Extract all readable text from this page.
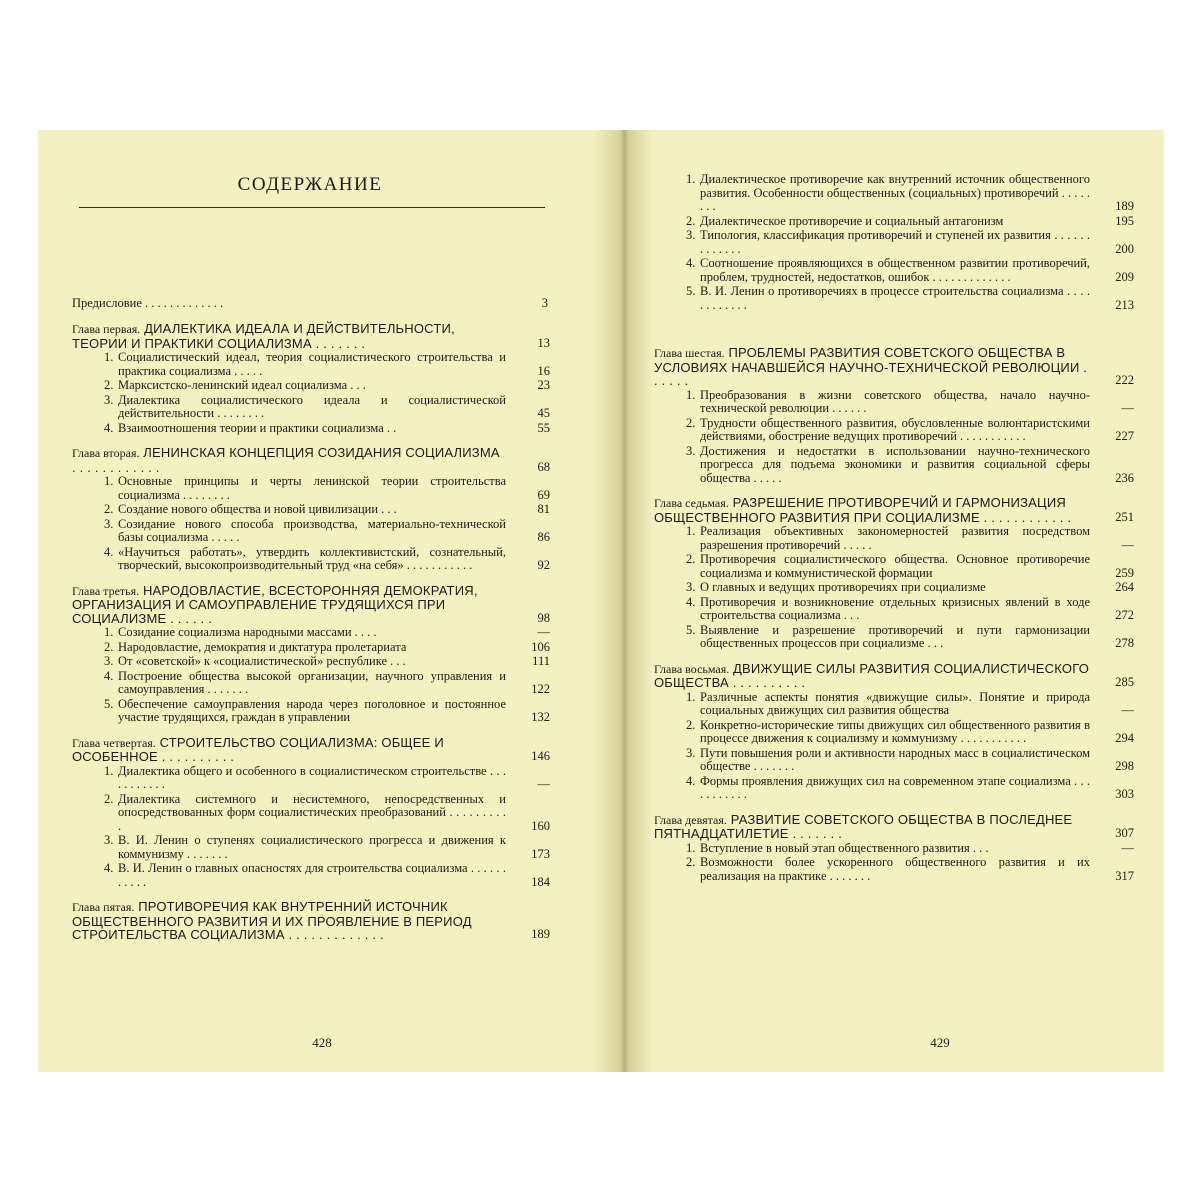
СОДЕРЖАНИЕ
Предисловие . . . . . . . . . . . . .	3
Глава первая. ДИАЛЕКТИКА ИДЕАЛА И ДЕЙСТВИТЕЛЬНОСТИ, ТЕОРИИ И ПРАКТИКИ СОЦИАЛИЗМА . . . . . . .	13
1. Социалистический идеал, теория социалистического строительства и практика социализма . . . . .	16
2. Марксистско-ленинский идеал социализма . . .	23
3. Диалектика социалистического идеала и социалистической действительности . . . . . . . .	45
4. Взаимоотношения теории и практики социализма . .	55
Глава вторая. ЛЕНИНСКАЯ КОНЦЕПЦИЯ СОЗИДАНИЯ СОЦИАЛИЗМА . . . . . . . . . . . .	68
1. Основные принципы и черты ленинской теории строительства социализма . . . . . . . .	69
2. Создание нового общества и новой цивилизации . . .	81
3. Созидание нового способа производства, материально-технической базы социализма . . . . .	86
4. «Научиться работать», утвердить коллективистский, сознательный, творческий, высокопроизводительный труд «на себя» . . . . . . . . . . .	92
Глава третья. НАРОДОВЛАСТИЕ, ВСЕСТОРОННЯЯ ДЕМОКРАТИЯ, ОРГАНИЗАЦИЯ И САМОУПРАВЛЕНИЕ ТРУДЯЩИХСЯ ПРИ СОЦИАЛИЗМЕ . . . . . .	98
1. Созидание социализма народными массами . . . .	—
2. Народовластие, демократия и диктатура пролетариата	106
3. От «советской» к «социалистической» республике . . .	111
4. Построение общества высокой организации, научного управления и самоуправления . . . . . . .	122
5. Обеспечение самоуправления народа через поголовное и постоянное участие трудящихся, граждан в управлении	132
Глава четвертая. СТРОИТЕЛЬСТВО СОЦИАЛИЗМА: ОБЩЕЕ И ОСОБЕННОЕ . . . . . . . . . .	146
1. Диалектика общего и особенного в социалистическом строительстве . . . . . . . . . . .	—
2. Диалектика системного и несистемного, непосредственных и опосредствованных форм социалистических преобразований . . . . . . . . . .	160
3. В. И. Ленин о ступенях социалистического прогресса и движения к коммунизму . . . . . . .	173
4. В. И. Ленин о главных опасностях для строительства социализма . . . . . . . . . . .	184
Глава пятая. ПРОТИВОРЕЧИЯ КАК ВНУТРЕННИЙ ИСТОЧНИК ОБЩЕСТВЕННОГО РАЗВИТИЯ И ИХ ПРОЯВЛЕНИЕ В ПЕРИОД СТРОИТЕЛЬСТВА СОЦИАЛИЗМА . . . . . . . . . . . . .	189
428
1. Диалектическое противоречие как внутренний источник общественного развития. Особенности общественных (социальных) противоречий . . . . . . . .	189
2. Диалектическое противоречие и социальный антагонизм	195
3. Типология, классификация противоречий и ступеней их развития . . . . . . . . . . . . .	200
4. Соотношение проявляющихся в общественном развитии противоречий, проблем, трудностей, недостатков, ошибок . . . . . . . . . . . . .	209
5. В. И. Ленин о противоречиях в процессе строительства социализма . . . . . . . . . . . .	213
Глава шестая. ПРОБЛЕМЫ РАЗВИТИЯ СОВЕТСКОГО ОБЩЕСТВА В УСЛОВИЯХ НАЧАВШЕЙСЯ НАУЧНО-ТЕХНИЧЕСКОЙ РЕВОЛЮЦИИ . . . . . .	222
1. Преобразования в жизни советского общества, начало научно-технической революции . . . . . .	—
2. Трудности общественного развития, обусловленные волюнтаристскими действиями, обострение ведущих противоречий . . . . . . . . . . .	227
3. Достижения и недостатки в использовании научно-технического прогресса для подъема экономики и развития социальной сферы общества . . . . .	236
Глава седьмая. РАЗРЕШЕНИЕ ПРОТИВОРЕЧИЙ И ГАРМОНИЗАЦИЯ ОБЩЕСТВЕННОГО РАЗВИТИЯ ПРИ СОЦИАЛИЗМЕ . . . . . . . . . . . .	251
1. Реализация объективных закономерностей развития посредством разрешения противоречий . . . . .	—
2. Противоречия социалистического общества. Основное противоречие социализма и коммунистической формации	259
3. О главных и ведущих противоречиях при социализме	264
4. Противоречия и возникновение отдельных кризисных явлений в ходе строительства социализма . . .	272
5. Выявление и разрешение противоречий и пути гармонизации общественных процессов при социализме . . .	278
Глава восьмая. ДВИЖУЩИЕ СИЛЫ РАЗВИТИЯ СОЦИАЛИСТИЧЕСКОГО ОБЩЕСТВА . . . . . . . . . .	285
1. Различные аспекты понятия «движущие силы». Понятие и природа социальных движущих сил развития общества	—
2. Конкретно-исторические типы движущих сил общественного развития в процессе движения к социализму и коммунизму . . . . . . . . . . .	294
3. Пути повышения роли и активности народных масс в социалистическом обществе . . . . . . .	298
4. Формы проявления движущих сил на современном этапе социализма . . . . . . . . . . .	303
Глава девятая. РАЗВИТИЕ СОВЕТСКОГО ОБЩЕСТВА В ПОСЛЕДНЕЕ ПЯТНАДЦАТИЛЕТИЕ . . . . . . .	307
1. Вступление в новый этап общественного развития . . .	—
2. Возможности более ускоренного общественного развития и их реализация на практике . . . . . . .	317
429
